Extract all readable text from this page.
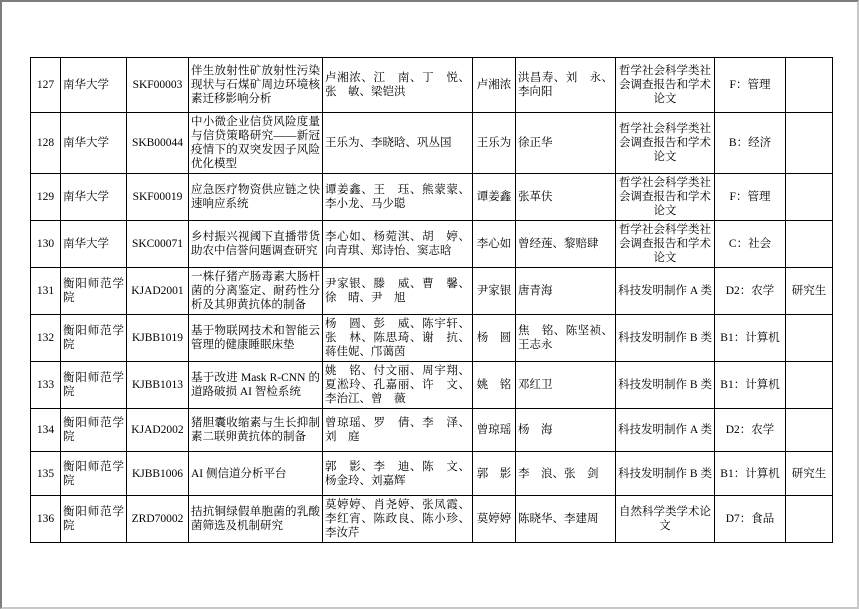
127	南华大学	SKF00003	伴生放射性矿放射性污染现状与石煤矿周边环境核素迁移影响分析	卢湘浓、江　南、丁　悦、张　敏、梁铠洪	卢湘浓	洪昌寿、刘　永、李向阳	哲学社会科学类社会调查报告和学术论文	F：管理	
128	南华大学	SKB00044	中小微企业信贷风险度量与信贷策略研究——新冠疫情下的双突发因子风险优化模型	王乐为、李晓晗、巩丛国	王乐为	徐正华	哲学社会科学类社会调查报告和学术论文	B：经济	
129	南华大学	SKF00019	应急医疗物资供应链之快速响应系统	谭姜鑫、王　珏、熊蒙蒙、李小龙、马少聪	谭姜鑫	张革伕	哲学社会科学类社会调查报告和学术论文	F：管理	
130	南华大学	SKC00071	乡村振兴视阈下直播带货助农中信誉问题调查研究	李心如、杨菀淇、胡　婷、向青琪、郑诗怡、窦志晗	李心如	曾经莲、黎赔肆	哲学社会科学类社会调查报告和学术论文	C：社会	
131	衡阳师范学院	KJAD2001	一株仔猪产肠毒素大肠杆菌的分离鉴定、耐药性分析及其卵黄抗体的制备	尹家银、滕　威、曹　馨、徐　晴、尹　旭	尹家银	唐青海	科技发明制作 A 类	D2：农学	研究生
132	衡阳师范学院	KJBB1019	基于物联网技术和智能云管理的健康睡眠床垫	杨　圆、彭　威、陈宇轩、张　林、陈思琦、谢　抗、蒋佳妮、邝蔼茵	杨　圆	焦　铭、陈坚祯、王志永	科技发明制作 B 类	B1：计算机	
133	衡阳师范学院	KJBB1013	基于改进 Mask R-CNN 的道路破损 AI 智检系统	姚　铭、付文丽、周宇翔、夏淞玲、孔嘉丽、许　文、李治江、曾　薇	姚　铭	邓红卫	科技发明制作 B 类	B1：计算机	
134	衡阳师范学院	KJAD2002	猪胆囊收缩素与生长抑制素二联卵黄抗体的制备	曾琼瑶、罗　倩、李　泽、刘　庭	曾琼瑶	杨　海	科技发明制作 A 类	D2：农学	
135	衡阳师范学院	KJBB1006	AI 侧信道分析平台	郭　影、李　迪、陈　文、杨金玲、刘嘉辉	郭　影	李　浪、张　剑	科技发明制作 B 类	B1：计算机	研究生
136	衡阳师范学院	ZRD70002	拮抗铜绿假单胞菌的乳酸菌筛选及机制研究	莫婷婷、肖尧婷、张凤霞、李红宵、陈政良、陈小珍、李汝芹	莫婷婷	陈晓华、李建周	自然科学类学术论文	D7：食品	
